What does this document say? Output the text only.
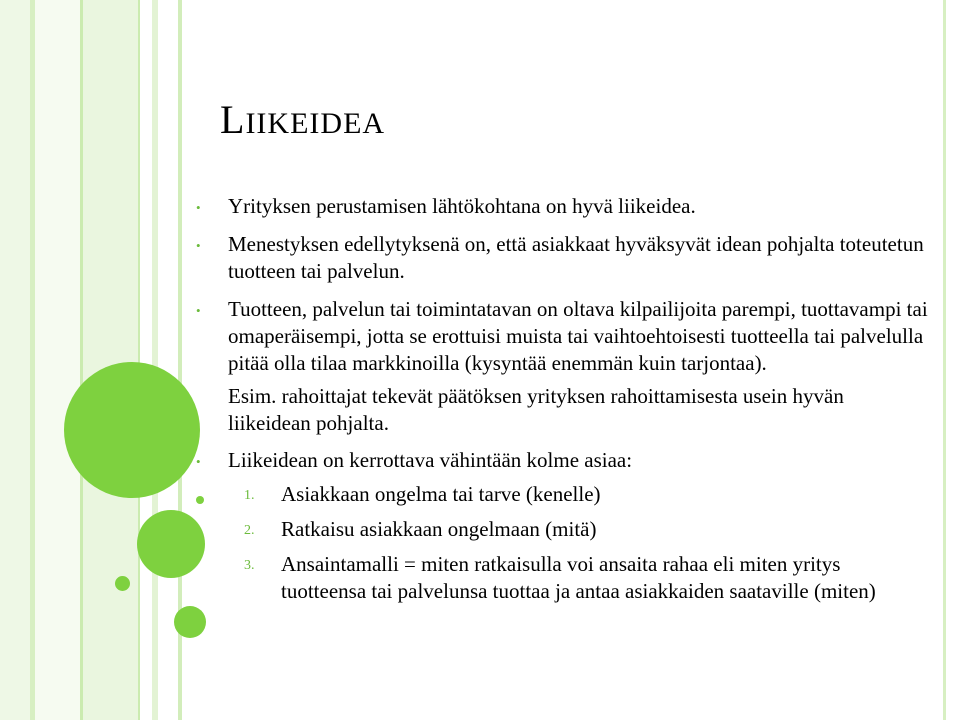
LIIKEIDEA
• Yrityksen perustamisen lähtökohtana on hyvä liikeidea.
• Menestyksen edellytyksenä on, että asiakkaat hyväksyvät idean pohjalta toteutetun tuotteen tai palvelun.
• Tuotteen, palvelun tai toimintatavan on oltava kilpailijoita parempi, tuottavampi tai omaperäisempi, jotta se erottuisi muista tai vaihtoehtoisesti tuotteella tai palvelulla pitää olla tilaa markkinoilla (kysyntää enemmän kuin tarjontaa).
Esim. rahoittajat tekevät päätöksen yrityksen rahoittamisesta usein hyvän liikeidean pohjalta.
• Liikeidean on kerrottava vähintään kolme asiaa:
1. Asiakkaan ongelma tai tarve (kenelle)
2. Ratkaisu asiakkaan ongelmaan (mitä)
3. Ansaintamalli = miten ratkaisulla voi ansaita rahaa eli miten yritys tuotteensa tai palvelunsa tuottaa ja antaa asiakkaiden saataville (miten)
